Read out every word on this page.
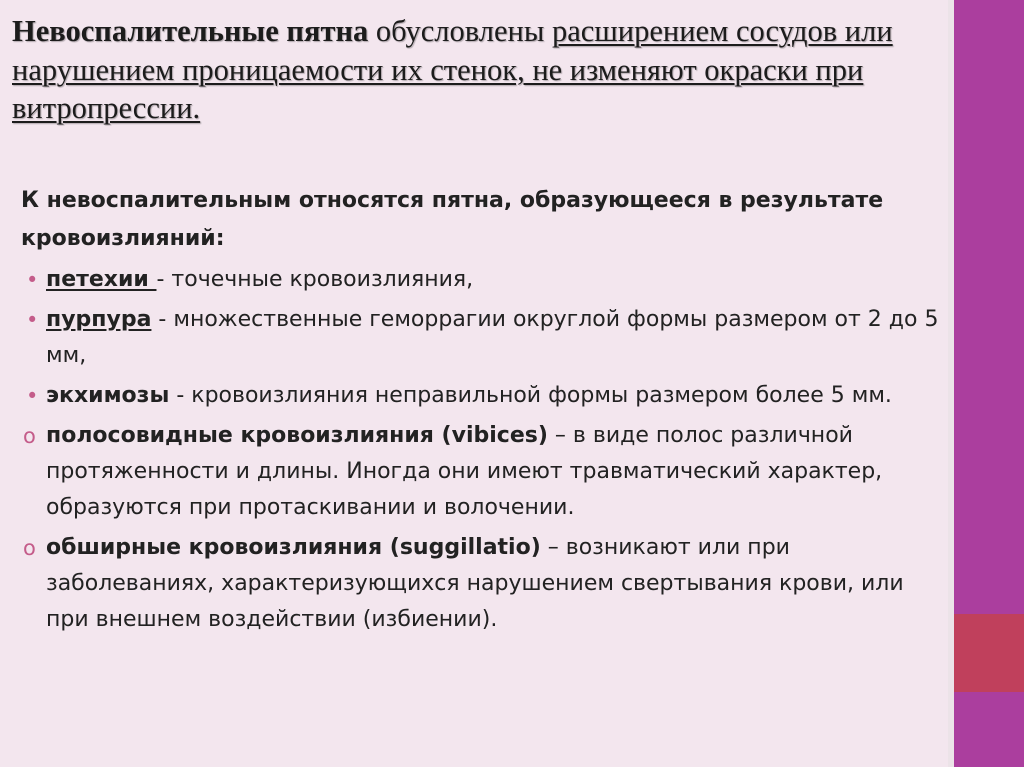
Невоспалительные пятна обусловлены расширением сосудов или нарушением проницаемости их стенок, не изменяют окраски при витропрессии.

К невоспалительным относятся пятна, образующееся в результате кровоизлияний:

• петехии - точечные кровоизлияния,
• пурпура - множественные геморрагии округлой формы размером от 2 до 5 мм,
• экхимозы - кровоизлияния неправильной формы размером более 5 мм.
o полосовидные кровоизлияния (vibices) – в виде полос различной протяженности и длины. Иногда они имеют травматический характер, образуются при протаскивании и волочении.
o обширные кровоизлияния (suggillatio) – возникают или при заболеваниях, характеризующихся нарушением свертывания крови, или при внешнем воздействии (избиении).
